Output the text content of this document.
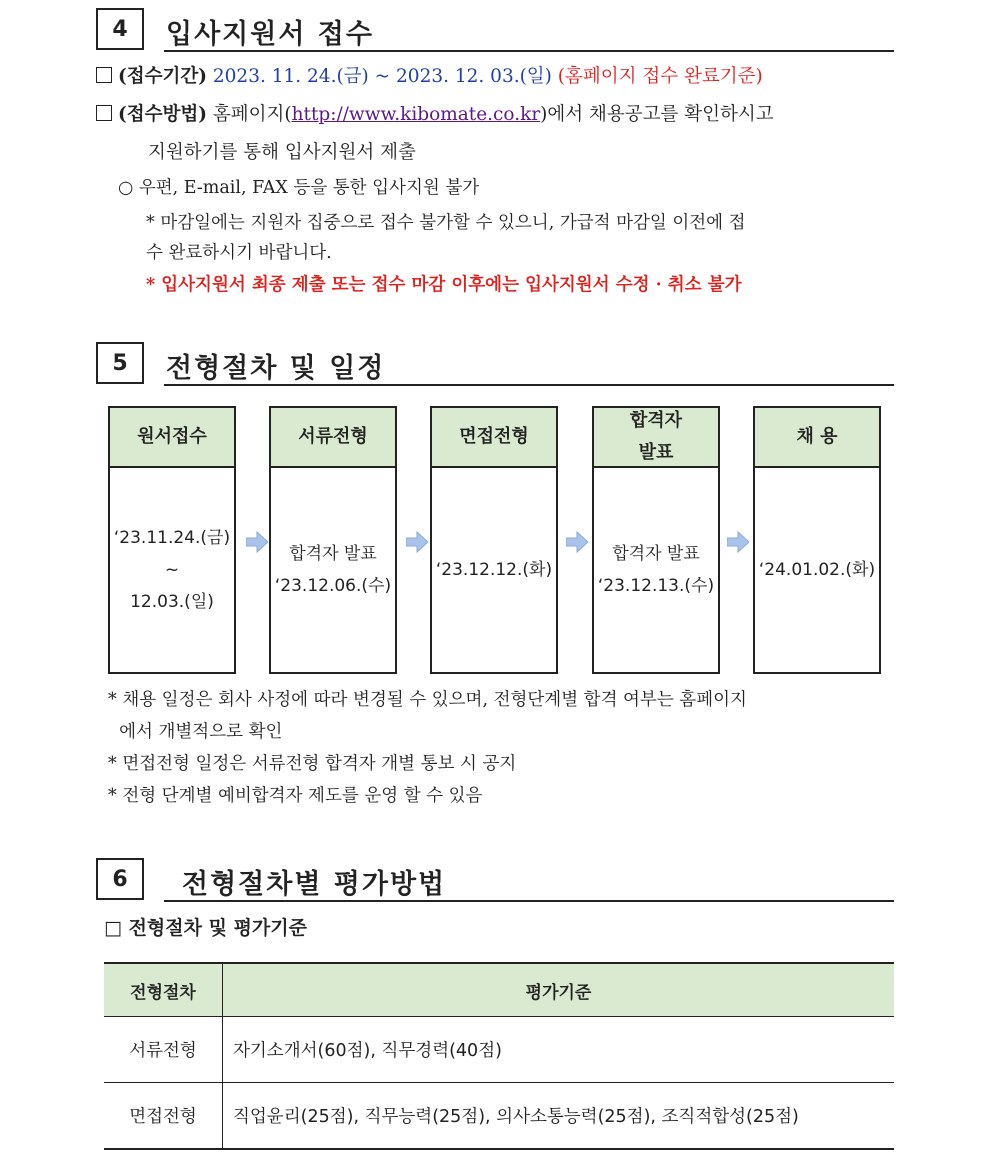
4	입사지원서 접수
(접수기간) 2023. 11. 24.(금) ~ 2023. 12. 03.(일) (홈페이지 접수 완료기준)
(접수방법) 홈페이지(http://www.kibomate.co.kr)에서 채용공고를 확인하시고
지원하기를 통해 입사지원서 제출
○ 우편, E-mail, FAX 등을 통한 입사지원 불가
* 마감일에는 지원자 집중으로 접수 불가할 수 있으니, 가급적 마감일 이전에 접
수 완료하시기 바랍니다.
* 입사지원서 최종 제출 또는 접수 마감 이후에는 입사지원서 수정 · 취소 불가
5	전형절차 및 일정
원서접수
‘23.11.24.(금)
~
12.03.(일)
서류전형
합격자 발표
‘23.12.06.(수)
면접전형
‘23.12.12.(화)
합격자
발표
합격자 발표
‘23.12.13.(수)
채 용
‘24.01.02.(화)
* 채용 일정은 회사 사정에 따라 변경될 수 있으며, 전형단계별 합격 여부는 홈페이지
에서 개별적으로 확인
* 면접전형 일정은 서류전형 합격자 개별 통보 시 공지
* 전형 단계별 예비합격자 제도를 운영 할 수 있음
6	전형절차별 평가방법
□ 전형절차 및 평가기준
전형절차	평가기준
서류전형	자기소개서(60점), 직무경력(40점)
면접전형	직업윤리(25점), 직무능력(25점), 의사소통능력(25점), 조직적합성(25점)
